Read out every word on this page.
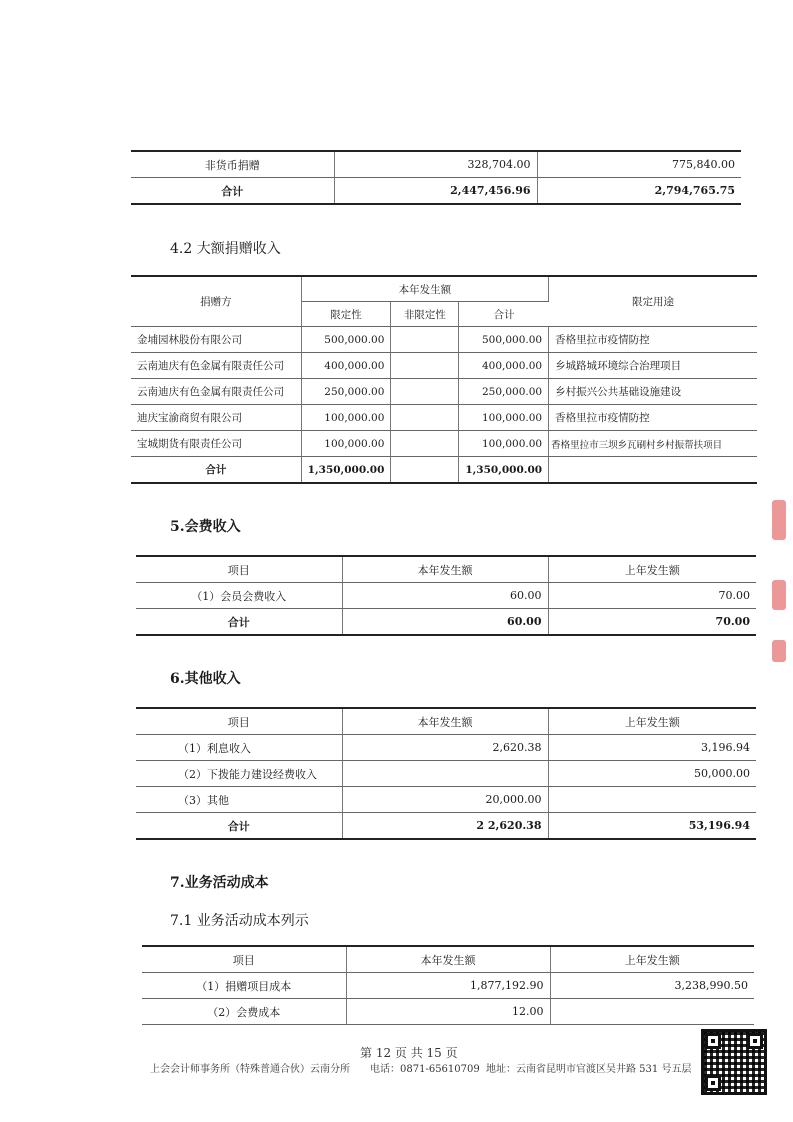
非货币捐赠	328,704.00	775,840.00
合计	2,447,456.96	2,794,765.75
4.2 大额捐赠收入
捐赠方	本年发生额			限定用途
	限定性	非限定性	合计	
金埔园林股份有限公司	500,000.00		500,000.00	香格里拉市疫情防控
云南迪庆有色金属有限责任公司	400,000.00		400,000.00	乡城路城环境综合治理项目
云南迪庆有色金属有限责任公司	250,000.00		250,000.00	乡村振兴公共基础设施建设
迪庆宝渝商贸有限公司	100,000.00		100,000.00	香格里拉市疫情防控
宝城期货有限责任公司	100,000.00		100,000.00	香格里拉市三坝乡瓦刷村乡村振帮扶项目
合计	1,350,000.00		1,350,000.00	
5.会费收入
项目	本年发生额	上年发生额
（1）会员会费收入	60.00	70.00
合计	60.00	70.00
6.其他收入
项目	本年发生额	上年发生额
（1）利息收入	2,620.38	3,196.94
（2）下拨能力建设经费收入		50,000.00
（3）其他	20,000.00	
合计	2 2,620.38	53,196.94
7.业务活动成本
7.1 业务活动成本列示
项目	本年发生额	上年发生额
（1）捐赠项目成本	1,877,192.90	3,238,990.50
（2）会费成本	12.00	
第 12 页 共 15 页
上会会计师事务所（特殊普通合伙）云南分所 电话：0871-65610709 地址：云南省昆明市官渡区吴井路 531 号五层
